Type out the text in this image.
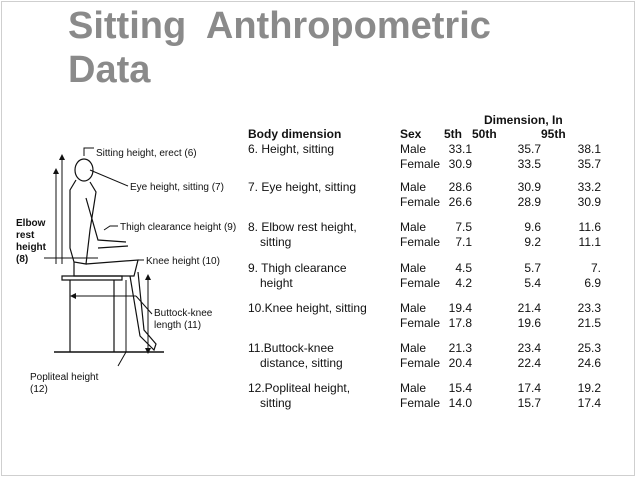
Sitting  Anthropometric
Data
Sitting height, erect (6)
Eye height, sitting (7)
Thigh clearance height (9)
Elbow
rest
height
(8)	Knee height (10)
Buttock-knee
length (11)
Popliteal height
(12)
Dimension, In
Body dimension	Sex	5th	50th	95th
6. Height, sitting	Male	33.1	35.7	38.1
	Female	30.9	33.5	35.7
7. Eye height, sitting	Male	28.6	30.9	33.2
	Female	26.6	28.9	30.9
8. Elbow rest height,	Male	7.5	9.6	11.6
sitting	Female	7.1	9.2	11.1
9. Thigh clearance	Male	4.5	5.7	7.
height	Female	4.2	5.4	6.9
10.Knee height, sitting	Male	19.4	21.4	23.3
	Female	17.8	19.6	21.5
11.Buttock-knee	Male	21.3	23.4	25.3
distance, sitting	Female	20.4	22.4	24.6
12.Popliteal height,	Male	15.4	17.4	19.2
sitting	Female	14.0	15.7	17.4
